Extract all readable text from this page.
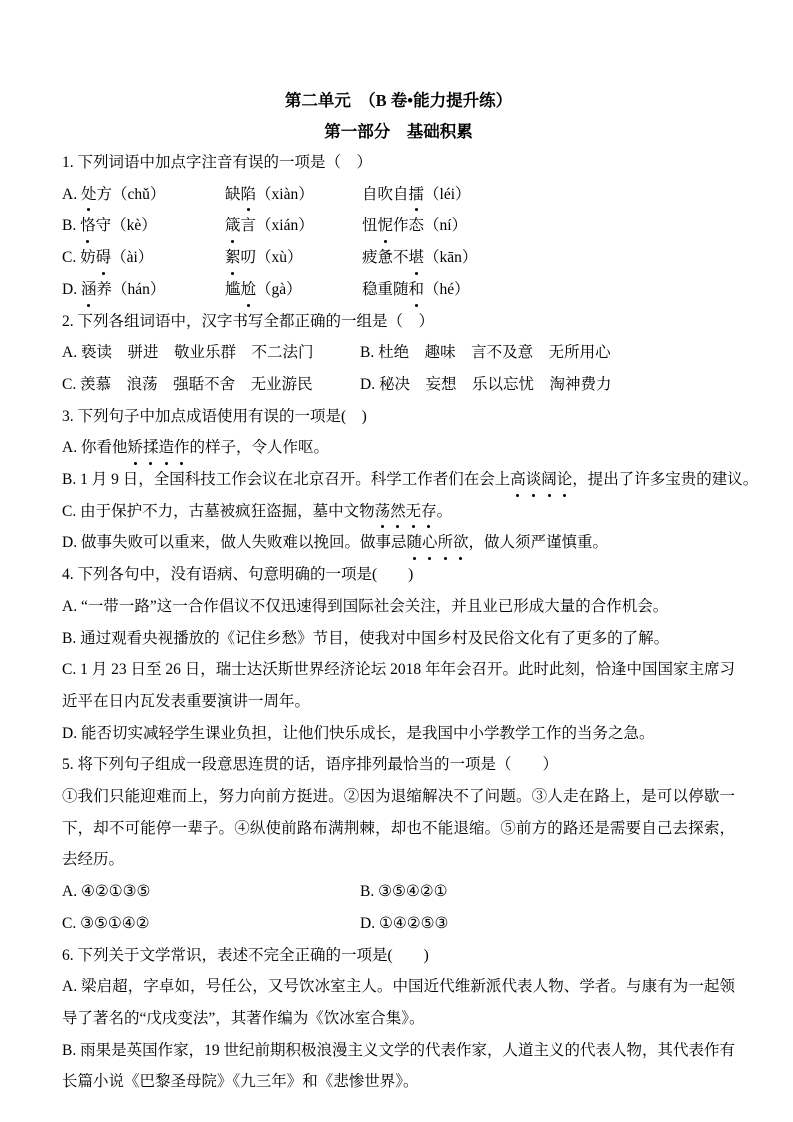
第二单元　（B 卷•能力提升练）
第一部分　基础积累
1. 下列词语中加点字注音有误的一项是（　）
A. 处方（chǔ）	缺陷（xiàn）	自吹自擂（léi）
B. 恪守（kè）	箴言（xián）	忸怩作态（ní）
C. 妨碍（ài）	絮叨（xù）	疲惫不堪（kān）
D. 涵养（hán）	尴尬（gà）	稳重随和（hé）
2. 下列各组词语中，汉字书写全都正确的一组是（　）
A. 亵读　骈进　敬业乐群　不二法门	B. 杜绝　趣味　言不及意　无所用心
C. 羡慕　浪荡　强聒不舍　无业游民	D. 秘决　妄想　乐以忘忧　淘神费力
3. 下列句子中加点成语使用有误的一项是(　)
A. 你看他矫揉造作的样子，令人作呕。
B. 1 月 9 日，全国科技工作会议在北京召开。科学工作者们在会上高谈阔论，提出了许多宝贵的建议。
C. 由于保护不力，古墓被疯狂盗掘，墓中文物荡然无存。
D. 做事失败可以重来，做人失败难以挽回。做事忌随心所欲，做人须严谨慎重。
4. 下列各句中，没有语病、句意明确的一项是(　　)
A. “一带一路”这一合作倡议不仅迅速得到国际社会关注，并且业已形成大量的合作机会。
B. 通过观看央视播放的《记住乡愁》节目，使我对中国乡村及民俗文化有了更多的了解。
C. 1 月 23 日至 26 日，瑞士达沃斯世界经济论坛 2018 年年会召开。此时此刻，恰逢中国国家主席习近平在日内瓦发表重要演讲一周年。
D. 能否切实减轻学生课业负担，让他们快乐成长，是我国中小学教学工作的当务之急。
5. 将下列句子组成一段意思连贯的话，语序排列最恰当的一项是（　　）
①我们只能迎难而上，努力向前方挺进。②因为退缩解决不了问题。③人走在路上，是可以停歇一下，却不可能停一辈子。④纵使前路布满荆棘，却也不能退缩。⑤前方的路还是需要自己去探索，去经历。
A. ④②①③⑤	B. ③⑤④②①
C. ③⑤①④②	D. ①④②⑤③
6. 下列关于文学常识，表述不完全正确的一项是(　　)
A. 梁启超，字卓如，号任公，又号饮冰室主人。中国近代维新派代表人物、学者。与康有为一起领导了著名的“戊戌变法”，其著作编为《饮冰室合集》。
B. 雨果是英国作家，19 世纪前期积极浪漫主义文学的代表作家，人道主义的代表人物，其代表作有长篇小说《巴黎圣母院》《九三年》和《悲惨世界》。
